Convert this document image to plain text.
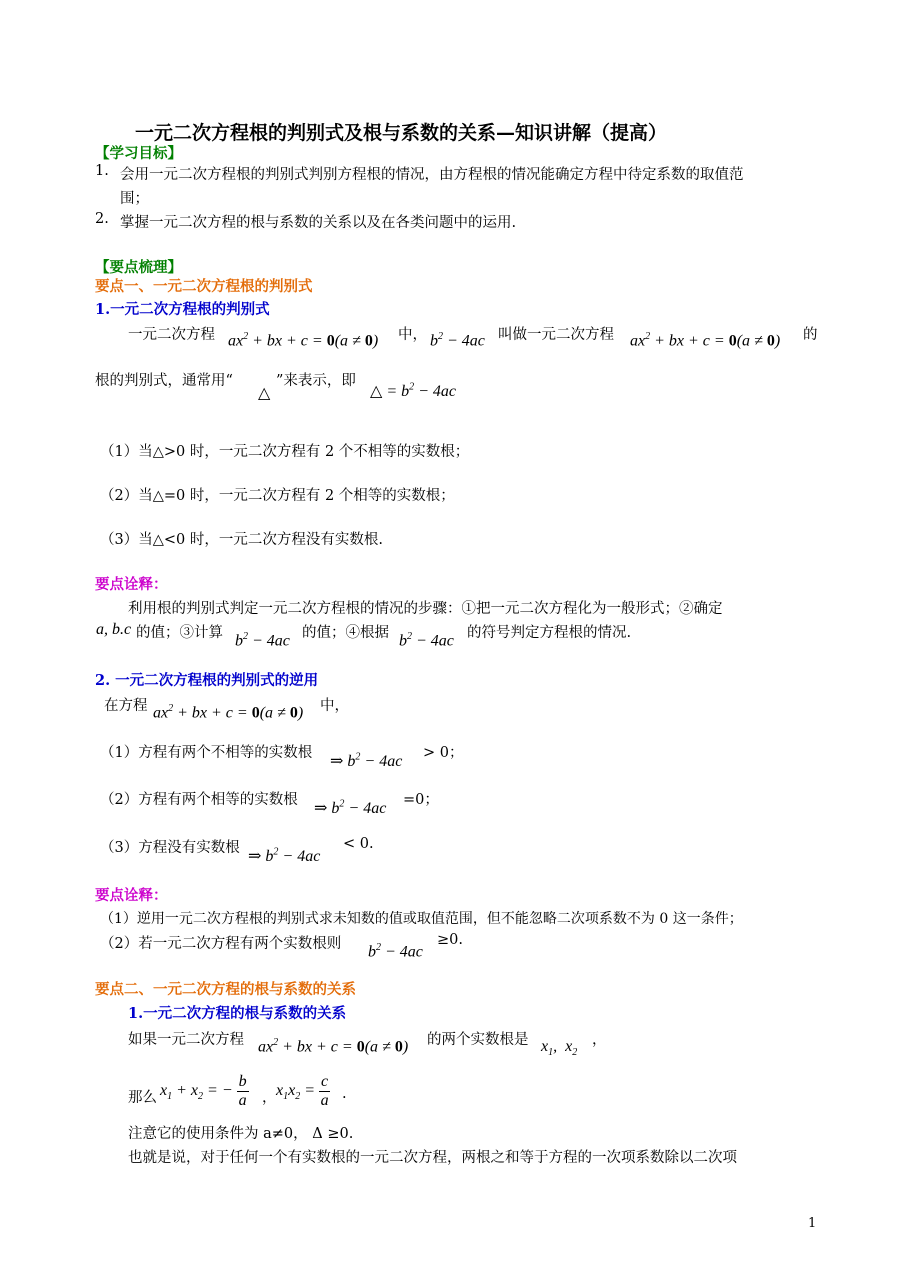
一元二次方程根的判别式及根与系数的关系—知识讲解（提高）
【学习目标】
1. 会用一元二次方程根的判别式判别方程根的情况，由方程根的情况能确定方程中待定系数的取值范
围；
2. 掌握一元二次方程的根与系数的关系以及在各类问题中的运用.
【要点梳理】
要点一、一元二次方程根的判别式
1.一元二次方程根的判别式
一元二次方程 $ax^2$ + bx + c = 0(a ≠ 0) 中， $b^2 - 4ac$ 叫做一元二次方程 $ax^2$ + bx + c = 0(a ≠ 0) 的
根的判别式，通常用“
△
”来表示，即
△ = $b^2 - 4ac$
（1）当△>0 时，一元二次方程有 2 个不相等的实数根；
（2）当△=0 时，一元二次方程有 2 个相等的实数根；
（3）当△<0 时，一元二次方程没有实数根.
要点诠释：
利用根的判别式判定一元二次方程根的情况的步骤：①把一元二次方程化为一般形式；②确定
a, b.c 的值；③计算 $b^2 - 4ac$ 的值；④根据 $b^2 - 4ac$ 的符号判定方程根的情况.
2. 一元二次方程根的判别式的逆用
在方程 $ax^2$ + bx + c = 0(a ≠ 0) 中，
（1）方程有两个不相等的实数根 ⇒ $b^2 - 4ac > 0$；
（2）方程有两个相等的实数根 ⇒ $b^2 - 4ac =0$；
（3）方程没有实数根 ⇒ $b^2 - 4ac$
< 0.
要点诠释：
（1）逆用一元二次方程根的判别式求未知数的值或取值范围，但不能忽略二次项系数不为 0 这一条件；
（2）若一元二次方程有两个实数根则 $b^2 - 4ac$
≥0.
要点二、一元二次方程的根与系数的关系
1.一元二次方程的根与系数的关系
如果一元二次方程 $ax^2$ + bx + c = 0(a ≠ 0) 的两个实数根是 $x_1$,  $x_2$
，
那么 $x_1 + x_2$ = − $\frac{b}{a}$ ， $x_1x_2 = \frac{c}{a}$ .
注意它的使用条件为 a≠0， Δ ≥0.
也就是说，对于任何一个有实数根的一元二次方程，两根之和等于方程的一次项系数除以二次项
1
